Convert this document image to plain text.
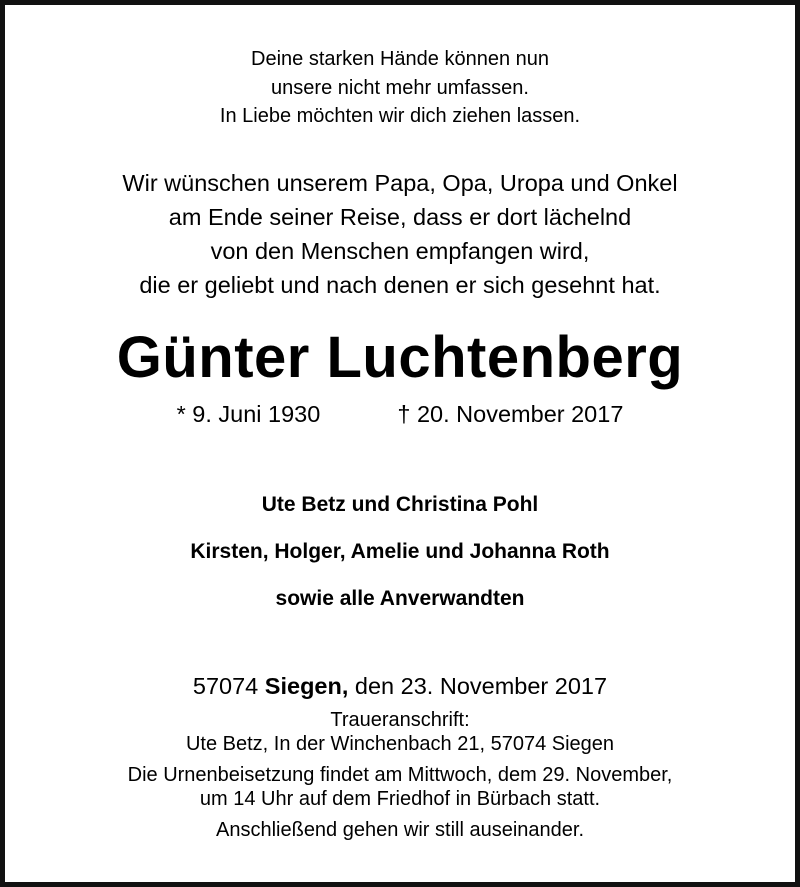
Deine starken Hände können nun

unsere nicht mehr umfassen.

In Liebe möchten wir dich ziehen lassen.

Wir wünschen unserem Papa, Opa, Uropa und Onkel

am Ende seiner Reise, dass er dort lächelnd

von den Menschen empfangen wird,

die er geliebt und nach denen er sich gesehnt hat.

Günter Luchtenberg
* 9. Juni 1930	† 20. November 2017

Ute Betz und Christina Pohl

Kirsten, Holger, Amelie und Johanna Roth

sowie alle Anverwandten

57074 Siegen, den 23. November 2017

Traueranschrift:

Ute Betz, In der Winchenbach 21, 57074 Siegen

Die Urnenbeisetzung findet am Mittwoch, dem 29. November,

um 14 Uhr auf dem Friedhof in Bürbach statt.

Anschließend gehen wir still auseinander.
